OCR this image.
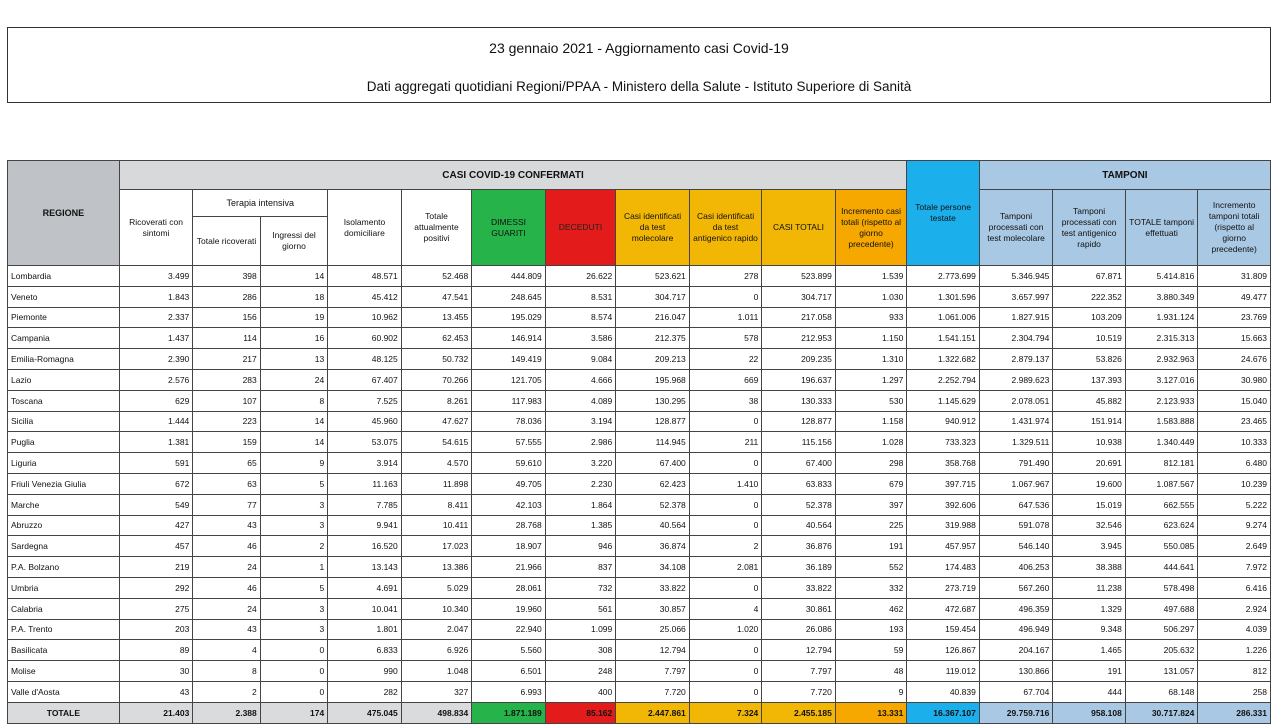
23 gennaio 2021 - Aggiornamento casi Covid-19
Dati aggregati quotidiani Regioni/PPAA - Ministero della Salute - Istituto Superiore di Sanità
REGIONE	CASI COVID-19 CONFERMATI											Totale persone testate	TAMPONI			
	Ricoverati con sintomi	Terapia intensiva		Isolamento domiciliare	Totale attualmente positivi	DIMESSI GUARITI	DECEDUTI	Casi identificati da test molecolare	Casi identificati da test antigenico rapido	CASI TOTALI	Incremento casi totali (rispetto al giorno precedente)		Tamponi processati con test molecolare	Tamponi processati con test antigenico rapido	TOTALE tamponi effettuati	Incremento tamponi totali (rispetto al giorno precedente)
		Totale ricoverati	Ingressi del giorno													
Lombardia	3.499	398	14	48.571	52.468	444.809	26.622	523.621	278	523.899	1.539	2.773.699	5.346.945	67.871	5.414.816	31.809
Veneto	1.843	286	18	45.412	47.541	248.645	8.531	304.717	0	304.717	1.030	1.301.596	3.657.997	222.352	3.880.349	49.477
Piemonte	2.337	156	19	10.962	13.455	195.029	8.574	216.047	1.011	217.058	933	1.061.006	1.827.915	103.209	1.931.124	23.769
Campania	1.437	114	16	60.902	62.453	146.914	3.586	212.375	578	212.953	1.150	1.541.151	2.304.794	10.519	2.315.313	15.663
Emilia-Romagna	2.390	217	13	48.125	50.732	149.419	9.084	209.213	22	209.235	1.310	1.322.682	2.879.137	53.826	2.932.963	24.676
Lazio	2.576	283	24	67.407	70.266	121.705	4.666	195.968	669	196.637	1.297	2.252.794	2.989.623	137.393	3.127.016	30.980
Toscana	629	107	8	7.525	8.261	117.983	4.089	130.295	38	130.333	530	1.145.629	2.078.051	45.882	2.123.933	15.040
Sicilia	1.444	223	14	45.960	47.627	78.036	3.194	128.877	0	128.877	1.158	940.912	1.431.974	151.914	1.583.888	23.465
Puglia	1.381	159	14	53.075	54.615	57.555	2.986	114.945	211	115.156	1.028	733.323	1.329.511	10.938	1.340.449	10.333
Liguria	591	65	9	3.914	4.570	59.610	3.220	67.400	0	67.400	298	358.768	791.490	20.691	812.181	6.480
Friuli Venezia Giulia	672	63	5	11.163	11.898	49.705	2.230	62.423	1.410	63.833	679	397.715	1.067.967	19.600	1.087.567	10.239
Marche	549	77	3	7.785	8.411	42.103	1.864	52.378	0	52.378	397	392.606	647.536	15.019	662.555	5.222
Abruzzo	427	43	3	9.941	10.411	28.768	1.385	40.564	0	40.564	225	319.988	591.078	32.546	623.624	9.274
Sardegna	457	46	2	16.520	17.023	18.907	946	36.874	2	36.876	191	457.957	546.140	3.945	550.085	2.649
P.A. Bolzano	219	24	1	13.143	13.386	21.966	837	34.108	2.081	36.189	552	174.483	406.253	38.388	444.641	7.972
Umbria	292	46	5	4.691	5.029	28.061	732	33.822	0	33.822	332	273.719	567.260	11.238	578.498	6.416
Calabria	275	24	3	10.041	10.340	19.960	561	30.857	4	30.861	462	472.687	496.359	1.329	497.688	2.924
P.A. Trento	203	43	3	1.801	2.047	22.940	1.099	25.066	1.020	26.086	193	159.454	496.949	9.348	506.297	4.039
Basilicata	89	4	0	6.833	6.926	5.560	308	12.794	0	12.794	59	126.867	204.167	1.465	205.632	1.226
Molise	30	8	0	990	1.048	6.501	248	7.797	0	7.797	48	119.012	130.866	191	131.057	812
Valle d'Aosta	43	2	0	282	327	6.993	400	7.720	0	7.720	9	40.839	67.704	444	68.148	258
TOTALE	21.403	2.388	174	475.045	498.834	1.871.189	85.162	2.447.861	7.324	2.455.185	13.331	16.367.107	29.759.716	958.108	30.717.824	286.331
